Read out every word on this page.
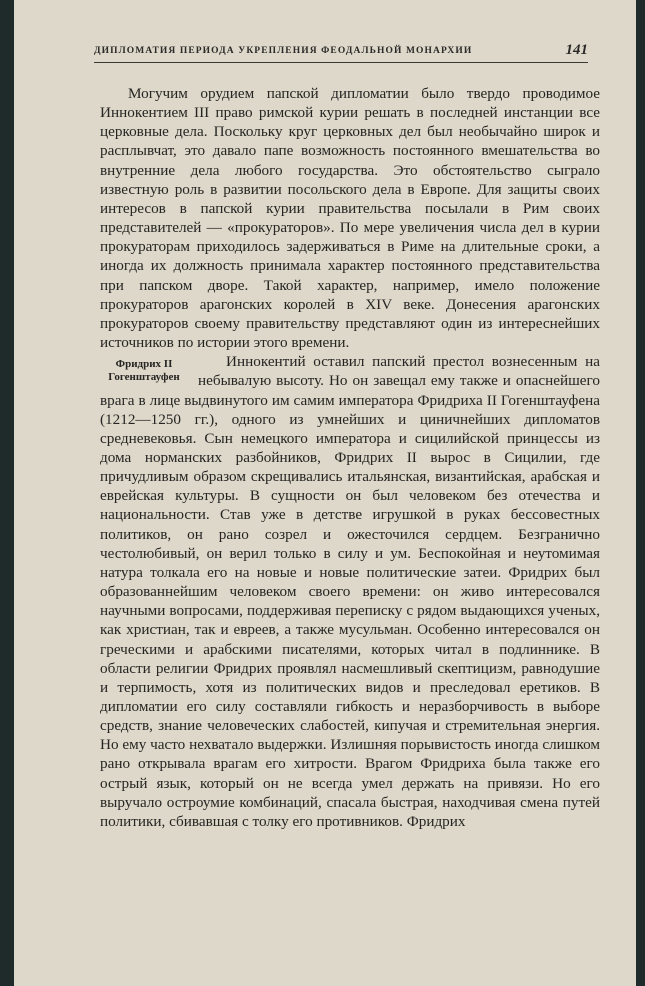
ДИПЛОМАТИЯ ПЕРИОДА УКРЕПЛЕНИЯ ФЕОДАЛЬНОЙ МОНАРХИИ	141

Могучим орудием папской дипломатии было твердо проводимое Иннокентием III право римской курии решать в последней инстанции все церковные дела. Поскольку круг церковных дел был необычайно широк и расплывчат, это давало папе возможность постоянного вмешательства во внутренние дела любого государства. Это обстоятельство сыграло известную роль в развитии посольского дела в Европе. Для защиты своих интересов в папской курии правительства посылали в Рим своих представителей — «прокураторов». По мере увеличения числа дел в курии прокураторам приходилось задерживаться в Риме на длительные сроки, а иногда их должность принимала характер постоянного представительства при папском дворе. Такой характер, например, имело положение прокураторов арагонских королей в XIV веке. Донесения арагонских прокураторов своему правительству представляют один из интереснейших источников по истории этого времени.

Фридрих II
Гогенштауфен

Иннокентий оставил папский престол вознесенным на небывалую высоту. Но он завещал ему также и опаснейшего врага в лице выдвинутого им самим императора Фридриха II Гогенштауфена (1212—1250 гг.), одного из умнейших и циничнейших дипломатов средневековья. Сын немецкого императора и сицилийской принцессы из дома норманских разбойников, Фридрих II вырос в Сицилии, где причудливым образом скрещивались итальянская, византийская, арабская и еврейская культуры. В сущности он был человеком без отечества и национальности. Став уже в детстве игрушкой в руках бессовестных политиков, он рано созрел и ожесточился сердцем. Безгранично честолюбивый, он верил только в силу и ум. Беспокойная и неутомимая натура толкала его на новые и новые политические затеи. Фридрих был образованнейшим человеком своего времени: он живо интересовался научными вопросами, поддерживая переписку с рядом выдающихся ученых, как христиан, так и евреев, а также мусульман. Особенно интересовался он греческими и арабскими писателями, которых читал в подлиннике. В области религии Фридрих проявлял насмешливый скептицизм, равнодушие и терпимость, хотя из политических видов и преследовал еретиков. В дипломатии его силу составляли гибкость и неразборчивость в выборе средств, знание человеческих слабостей, кипучая и стремительная энергия. Но ему часто нехватало выдержки. Излишняя порывистость иногда слишком рано открывала врагам его хитрости. Врагом Фридриха была также его острый язык, который он не всегда умел держать на привязи. Но его выручало остроумие комбинаций, спасала быстрая, находчивая смена путей политики, сбивавшая с толку его противников. Фридрих
